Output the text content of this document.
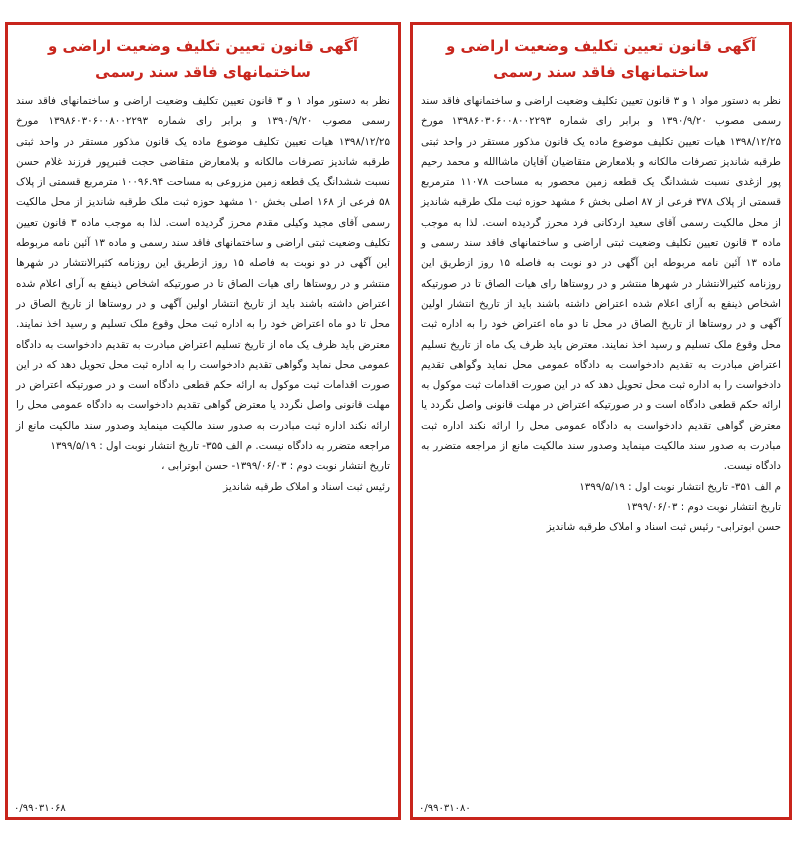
آگهی قانون تعیین تکلیف وضعیت اراضی و
ساختمانهای فاقد سند رسمی

نظر به دستور مواد ۱ و ۳ قانون تعیین تکلیف وضعیت اراضی و ساختمانهای فاقد سند رسمی مصوب ۱۳۹۰/۹/۲۰ و برابر رای شماره ۱۳۹۸۶۰۳۰۶۰۰۸۰۰۲۲۹۳ مورخ ۱۳۹۸/۱۲/۲۵ هیات تعیین تکلیف موضوع ماده یک قانون مذکور مستقر در واحد ثبتی طرقبه شاندیز تصرفات مالکانه و بلامعارض متقاضیان آقایان ماشاالله و محمد رحیم پور ازغدی نسبت ششدانگ یک قطعه زمین محصور به مساحت ۱۱۰۷۸ مترمربع قسمتی از پلاک ۳۷۸ فرعی از ۸۷ اصلی بخش ۶ مشهد حوزه ثبت ملک طرقبه شاندیز از محل مالکیت رسمی آقای سعید اردکانی فرد محرز گردیده است. لذا به موجب ماده ۳ قانون تعیین تکلیف وضعیت ثبتی اراضی و ساختمانهای فاقد سند رسمی و ماده ۱۳ آئین نامه مربوطه این آگهی در دو نوبت به فاصله ۱۵ روز ازطریق این روزنامه کثیرالانتشار در شهرها منتشر و در روستاها رای هیات الصاق تا در صورتیکه اشخاص ذینفع به آرای اعلام شده اعتراض داشته باشند باید از تاریخ انتشار اولین آگهی و در روستاها از تاریخ الصاق در محل تا دو ماه اعتراض خود را به اداره ثبت محل وقوع ملک تسلیم و رسید اخذ نمایند. معترض باید ظرف یک ماه از تاریخ تسلیم اعتراض مبادرت به تقدیم دادخواست به دادگاه عمومی محل نماید وگواهی تقدیم دادخواست را به اداره ثبت محل تحویل دهد که در این صورت اقدامات ثبت موکول به ارائه حکم قطعی دادگاه است و در صورتیکه اعتراض در مهلت قانونی واصل نگردد یا معترض گواهی تقدیم دادخواست به دادگاه عمومی محل را ارائه نکند اداره ثبت مبادرت به صدور سند مالکیت مینماید وصدور سند مالکیت مانع از مراجعه متضرر به دادگاه نیست.

م الف ۳۵۱- تاریخ انتشار نوبت اول : ۱۳۹۹/۵/۱۹
تاریخ انتشار نوبت دوم : ۱۳۹۹/۰۶/۰۳
حسن ابوترابی- رئیس ثبت اسناد و املاک طرقبه شاندیز
۰/۹۹۰۳۱۰۸۰
آگهی قانون تعیین تکلیف وضعیت اراضی و
ساختمانهای فاقد سند رسمی

نظر به دستور مواد ۱ و ۳ قانون تعیین تکلیف وضعیت اراضی و ساختمانهای فاقد سند رسمی مصوب ۱۳۹۰/۹/۲۰ و برابر رای شماره ۱۳۹۸۶۰۳۰۶۰۰۸۰۰۲۲۹۳ مورخ ۱۳۹۸/۱۲/۲۵ هیات تعیین تکلیف موضوع ماده یک قانون مذکور مستقر در واحد ثبتی طرقبه شاندیز تصرفات مالکانه و بلامعارض متقاضی حجت قنبرپور فرزند غلام حسن نسبت ششدانگ یک قطعه زمین مزروعی به مساحت ۱۰۰۹۶.۹۴ مترمربع قسمتی از پلاک ۵۸ فرعی از ۱۶۸ اصلی بخش ۱۰ مشهد حوزه ثبت ملک طرقبه شاندیز از محل مالکیت رسمی آقای مجید وکیلی مقدم محرز گردیده است. لذا به موجب ماده ۳ قانون تعیین تکلیف وضعیت ثبتی اراضی و ساختمانهای فاقد سند رسمی و ماده ۱۳ آئین نامه مربوطه این آگهی در دو نوبت به فاصله ۱۵ روز ازطریق این روزنامه کثیرالانتشار در شهرها منتشر و در روستاها رای هیات الصاق تا در صورتیکه اشخاص ذینفع به آرای اعلام شده اعتراض داشته باشند باید از تاریخ انتشار اولین آگهی و در روستاها از تاریخ الصاق در محل تا دو ماه اعتراض خود را به اداره ثبت محل وقوع ملک تسلیم و رسید اخذ نمایند. معترض باید ظرف یک ماه از تاریخ تسلیم اعتراض مبادرت به تقدیم دادخواست به دادگاه عمومی محل نماید وگواهی تقدیم دادخواست را به اداره ثبت محل تحویل دهد که در این صورت اقدامات ثبت موکول به ارائه حکم قطعی دادگاه است و در صورتیکه اعتراض در مهلت قانونی واصل نگردد یا معترض گواهی تقدیم دادخواست به دادگاه عمومی محل را ارائه نکند اداره ثبت مبادرت به صدور سند مالکیت مینماید وصدور سند مالکیت مانع از مراجعه متضرر به دادگاه نیست. م الف ۳۵۵- تاریخ انتشار نوبت اول : ۱۳۹۹/۵/۱۹

تاریخ انتشار نوبت دوم : ۱۳۹۹/۰۶/۰۳- حسن ابوترابی ،
رئیس ثبت اسناد و املاک طرقبه شاندیز
۰/۹۹۰۳۱۰۶۸
